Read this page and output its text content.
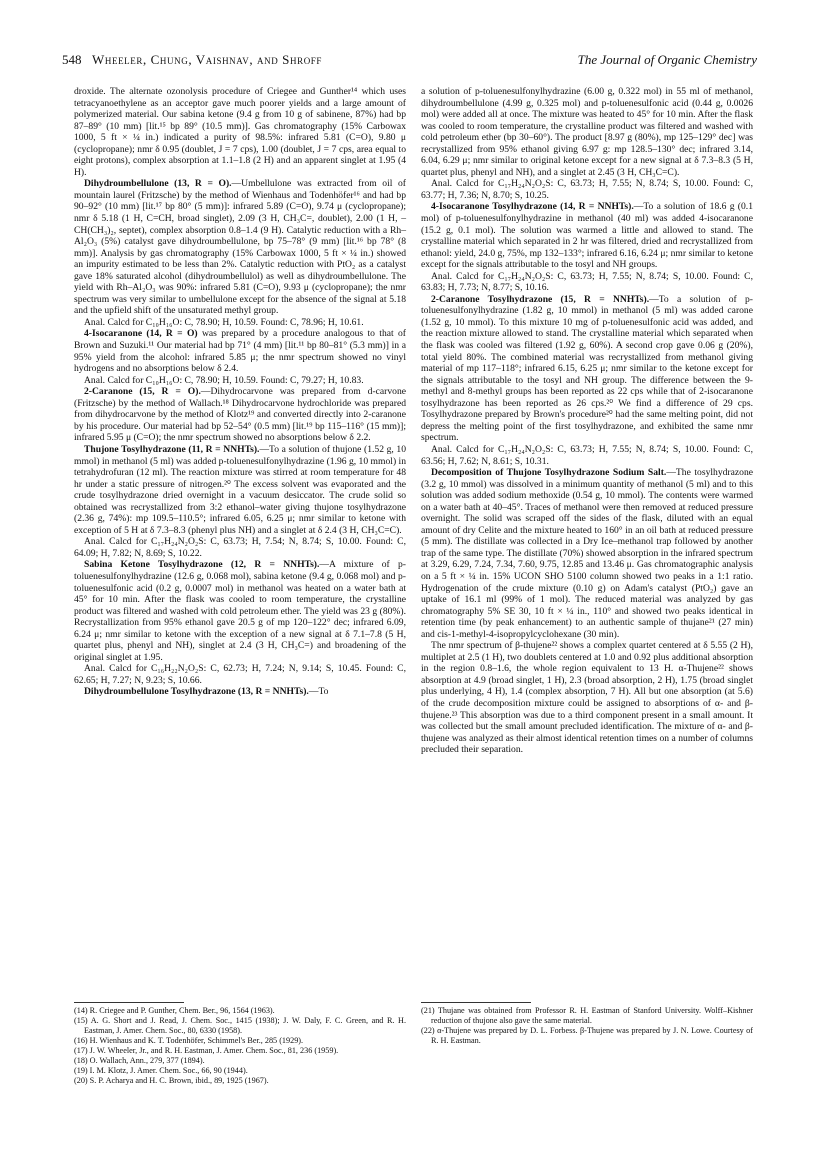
548 Wheeler, Chung, Vaishnav, and Shroff	The Journal of Organic Chemistry

droxide. The alternate ozonolysis procedure of Criegee and Gunther¹⁴ which uses tetracyanoethylene as an acceptor gave much poorer yields and a large amount of polymerized material. Our sabina ketone (9.4 g from 10 g of sabinene, 87%) had bp 87–89° (10 mm) [lit.¹⁵ bp 89° (10.5 mm)]. Gas chromatography (15% Carbowax 1000, 5 ft × ¼ in.) indicated a purity of 98.5%: infrared 5.81 (C=O), 9.80 μ (cyclopropane); nmr δ 0.95 (doublet, J = 7 cps), 1.00 (doublet, J = 7 cps, area equal to eight protons), complex absorption at 1.1–1.8 (2 H) and an apparent singlet at 1.95 (4 H).

Dihydroumbellulone (13, R = O).—Umbellulone was extracted from oil of mountain laurel (Fritzsche) by the method of Wienhaus and Todenhöfer¹⁶ and had bp 90–92° (10 mm) [lit.¹⁷ bp 80° (5 mm)]: infrared 5.89 (C=O), 9.74 μ (cyclopropane); nmr δ 5.18 (1 H, C=CH, broad singlet), 2.09 (3 H, CH₃C=, doublet), 2.00 (1 H, –CH(CH₃)₂, septet), complex absorption 0.8–1.4 (9 H). Catalytic reduction with a Rh–Al₂O₃ (5%) catalyst gave dihydroumbellulone, bp 75–78° (9 mm) [lit.¹⁶ bp 78° (8 mm)]. Analysis by gas chromatography (15% Carbowax 1000, 5 ft × ¼ in.) showed an impurity estimated to be less than 2%. Catalytic reduction with PtO₂ as a catalyst gave 18% saturated alcohol (dihydroumbellulol) as well as dihydroumbellulone. The yield with Rh–Al₂O₃ was 90%: infrared 5.81 (C=O), 9.93 μ (cyclopropane); the nmr spectrum was very similar to umbellulone except for the absence of the signal at 5.18 and the upfield shift of the unsaturated methyl group.

Anal. Calcd for C₁₀H₁₆O: C, 78.90; H, 10.59. Found: C, 78.96; H, 10.61.

4-Isocaranone (14, R = O) was prepared by a procedure analogous to that of Brown and Suzuki.¹¹ Our material had bp 71° (4 mm) [lit.¹¹ bp 80–81° (5.3 mm)] in a 95% yield from the alcohol: infrared 5.85 μ; the nmr spectrum showed no vinyl hydrogens and no absorptions below δ 2.4.

Anal. Calcd for C₁₀H₁₆O: C, 78.90; H, 10.59. Found: C, 79.27; H, 10.83.

2-Caranone (15, R = O).—Dihydrocarvone was prepared from d-carvone (Fritzsche) by the method of Wallach.¹⁸ Dihydrocarvone hydrochloride was prepared from dihydrocarvone by the method of Klotz¹⁹ and converted directly into 2-caranone by his procedure. Our material had bp 52–54° (0.5 mm) [lit.¹⁹ bp 115–116° (15 mm)]; infrared 5.95 μ (C=O); the nmr spectrum showed no absorptions below δ 2.2.

Thujone Tosylhydrazone (11, R = NNHTs).—To a solution of thujone (1.52 g, 10 mmol) in methanol (5 ml) was added p-toluenesulfonylhydrazine (1.96 g, 10 mmol) in tetrahydrofuran (12 ml). The reaction mixture was stirred at room temperature for 48 hr under a static pressure of nitrogen.²⁰ The excess solvent was evaporated and the crude tosylhydrazone dried overnight in a vacuum desiccator. The crude solid so obtained was recrystallized from 3:2 ethanol–water giving thujone tosylhydrazone (2.36 g, 74%): mp 109.5–110.5°; infrared 6.05, 6.25 μ; nmr similar to ketone with exception of 5 H at δ 7.3–8.3 (phenyl plus NH) and a singlet at δ 2.4 (3 H, CH₃C=C).

Anal. Calcd for C₁₇H₂₄N₂O₂S: C, 63.73; H, 7.54; N, 8.74; S, 10.00. Found: C, 64.09; H, 7.82; N, 8.69; S, 10.22.

Sabina Ketone Tosylhydrazone (12, R = NNHTs).—A mixture of p-toluenesulfonylhydrazine (12.6 g, 0.068 mol), sabina ketone (9.4 g, 0.068 mol) and p-toluenesulfonic acid (0.2 g, 0.0007 mol) in methanol was heated on a water bath at 45° for 10 min. After the flask was cooled to room temperature, the crystalline product was filtered and washed with cold petroleum ether. The yield was 23 g (80%). Recrystallization from 95% ethanol gave 20.5 g of mp 120–122° dec; infrared 6.09, 6.24 μ; nmr similar to ketone with the exception of a new signal at δ 7.1–7.8 (5 H, quartet plus, phenyl and NH), singlet at 2.4 (3 H, CH₃C=) and broadening of the original singlet at 1.95.

Anal. Calcd for C₁₆H₂₂N₂O₂S: C, 62.73; H, 7.24; N, 9.14; S, 10.45. Found: C, 62.65; H, 7.27; N, 9.23; S, 10.66.

Dihydroumbellulone Tosylhydrazone (13, R = NNHTs).—To

a solution of p-toluenesulfonylhydrazine (6.00 g, 0.322 mol) in 55 ml of methanol, dihydroumbellulone (4.99 g, 0.325 mol) and p-toluenesulfonic acid (0.44 g, 0.0026 mol) were added all at once. The mixture was heated to 45° for 10 min. After the flask was cooled to room temperature, the crystalline product was filtered and washed with cold petroleum ether (bp 30–60°). The product [8.97 g (80%), mp 125–129° dec] was recrystallized from 95% ethanol giving 6.97 g: mp 128.5–130° dec; infrared 3.14, 6.04, 6.29 μ; nmr similar to original ketone except for a new signal at δ 7.3–8.3 (5 H, quartet plus, phenyl and NH), and a singlet at 2.45 (3 H, CH₃C=C).

Anal. Calcd for C₁₇H₂₄N₂O₂S: C, 63.73; H, 7.55; N, 8.74; S, 10.00. Found: C, 63.77; H, 7.36; N, 8.70; S, 10.25.

4-Isocaranone Tosylhydrazone (14, R = NNHTs).—To a solution of 18.6 g (0.1 mol) of p-toluenesulfonylhydrazine in methanol (40 ml) was added 4-isocaranone (15.2 g, 0.1 mol). The solution was warmed a little and allowed to stand. The crystalline material which separated in 2 hr was filtered, dried and recrystallized from ethanol: yield, 24.0 g, 75%, mp 132–133°; infrared 6.16, 6.24 μ; nmr similar to ketone except for the signals attributable to the tosyl and NH groups.

Anal. Calcd for C₁₇H₂₄N₂O₂S: C, 63.73; H, 7.55; N, 8.74; S, 10.00. Found: C, 63.83; H, 7.73; N, 8.77; S, 10.16.

2-Caranone Tosylhydrazone (15, R = NNHTs).—To a solution of p-toluenesulfonylhydrazine (1.82 g, 10 mmol) in methanol (5 ml) was added carone (1.52 g, 10 mmol). To this mixture 10 mg of p-toluenesulfonic acid was added, and the reaction mixture allowed to stand. The crystalline material which separated when the flask was cooled was filtered (1.92 g, 60%). A second crop gave 0.06 g (20%), total yield 80%. The combined material was recrystallized from methanol giving material of mp 117–118°; infrared 6.15, 6.25 μ; nmr similar to the ketone except for the signals attributable to the tosyl and NH group. The difference between the 9-methyl and 8-methyl groups has been reported as 22 cps while that of 2-isocaranone tosylhydrazone has been reported as 26 cps.²⁰ We find a difference of 29 cps. Tosylhydrazone prepared by Brown's procedure²⁰ had the same melting point, did not depress the melting point of the first tosylhydrazone, and exhibited the same nmr spectrum.

Anal. Calcd for C₁₇H₂₄N₂O₂S: C, 63.73; H, 7.55; N, 8.74; S, 10.00. Found: C, 63.56; H, 7.62; N, 8.61; S, 10.31.

Decomposition of Thujone Tosylhydrazone Sodium Salt.—The tosylhydrazone (3.2 g, 10 mmol) was dissolved in a minimum quantity of methanol (5 ml) and to this solution was added sodium methoxide (0.54 g, 10 mmol). The contents were warmed on a water bath at 40–45°. Traces of methanol were then removed at reduced pressure overnight. The solid was scraped off the sides of the flask, diluted with an equal amount of dry Celite and the mixture heated to 160° in an oil bath at reduced pressure (5 mm). The distillate was collected in a Dry Ice–methanol trap followed by another trap of the same type. The distillate (70%) showed absorption in the infrared spectrum at 3.29, 6.29, 7.24, 7.34, 7.60, 9.75, 12.85 and 13.46 μ. Gas chromatographic analysis on a 5 ft × ¼ in. 15% UCON SHO 5100 column showed two peaks in a 1:1 ratio. Hydrogenation of the crude mixture (0.10 g) on Adam's catalyst (PtO₂) gave an uptake of 16.1 ml (99% of 1 mol). The reduced material was analyzed by gas chromatography 5% SE 30, 10 ft × ¼ in., 110° and showed two peaks identical in retention time (by peak enhancement) to an authentic sample of thujane²¹ (27 min) and cis-1-methyl-4-isopropylcyclohexane (30 min).

The nmr spectrum of β-thujene²² shows a complex quartet centered at δ 5.55 (2 H), multiplet at 2.5 (1 H), two doublets centered at 1.0 and 0.92 plus additional absorption in the region 0.8–1.6, the whole region equivalent to 13 H. α-Thujene²² shows absorption at 4.9 (broad singlet, 1 H), 2.3 (broad absorption, 2 H), 1.75 (broad singlet plus underlying, 4 H), 1.4 (complex absorption, 7 H). All but one absorption (at 5.6) of the crude decomposition mixture could be assigned to absorptions of α- and β-thujene.²³ This absorption was due to a third component present in a small amount. It was collected but the small amount precluded identification. The mixture of α- and β-thujene was analyzed as their almost identical retention times on a number of columns precluded their separation.

(14) R. Criegee and P. Gunther, Chem. Ber., 96, 1564 (1963).

(15) A. G. Short and J. Read, J. Chem. Soc., 1415 (1938); J. W. Daly, F. C. Green, and R. H. Eastman, J. Amer. Chem. Soc., 80, 6330 (1958).

(16) H. Wienhaus and K. T. Todenhöfer, Schimmel's Ber., 285 (1929).

(17) J. W. Wheeler, Jr., and R. H. Eastman, J. Amer. Chem. Soc., 81, 236 (1959).

(18) O. Wallach, Ann., 279, 377 (1894).

(19) I. M. Klotz, J. Amer. Chem. Soc., 66, 90 (1944).

(20) S. P. Acharya and H. C. Brown, ibid., 89, 1925 (1967).

(21) Thujane was obtained from Professor R. H. Eastman of Stanford University. Wolff–Kishner reduction of thujone also gave the same material.

(22) α-Thujene was prepared by D. L. Forbess. β-Thujene was prepared by J. N. Lowe. Courtesy of R. H. Eastman.
